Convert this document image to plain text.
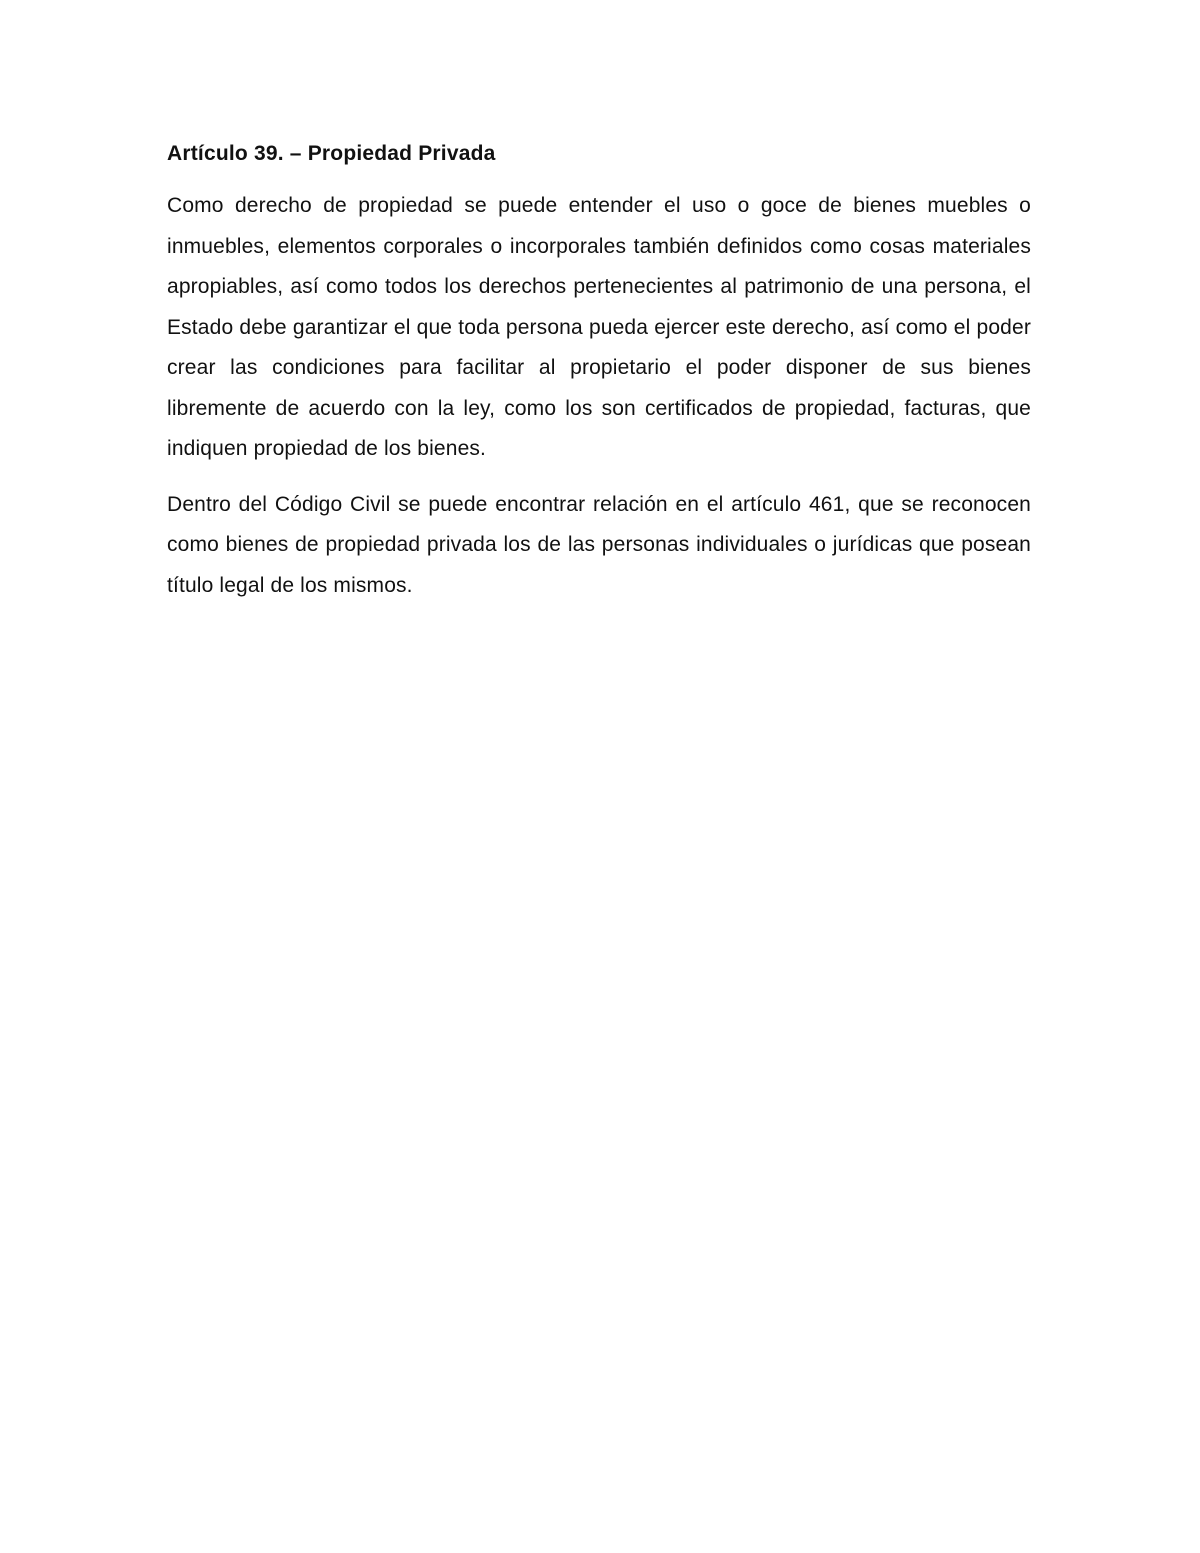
Artículo 39. – Propiedad Privada

Como derecho de propiedad se puede entender el uso o goce de bienes muebles o inmuebles, elementos corporales o incorporales también definidos como cosas materiales apropiables, así como todos los derechos pertenecientes al patrimonio de una persona, el Estado debe garantizar el que toda persona pueda ejercer este derecho, así como el poder crear las condiciones para facilitar al propietario el poder disponer de sus bienes libremente de acuerdo con la ley, como los son certificados de propiedad, facturas, que indiquen propiedad de los bienes.

Dentro del Código Civil se puede encontrar relación en el artículo 461, que se reconocen como bienes de propiedad privada los de las personas individuales o jurídicas que posean título legal de los mismos.
